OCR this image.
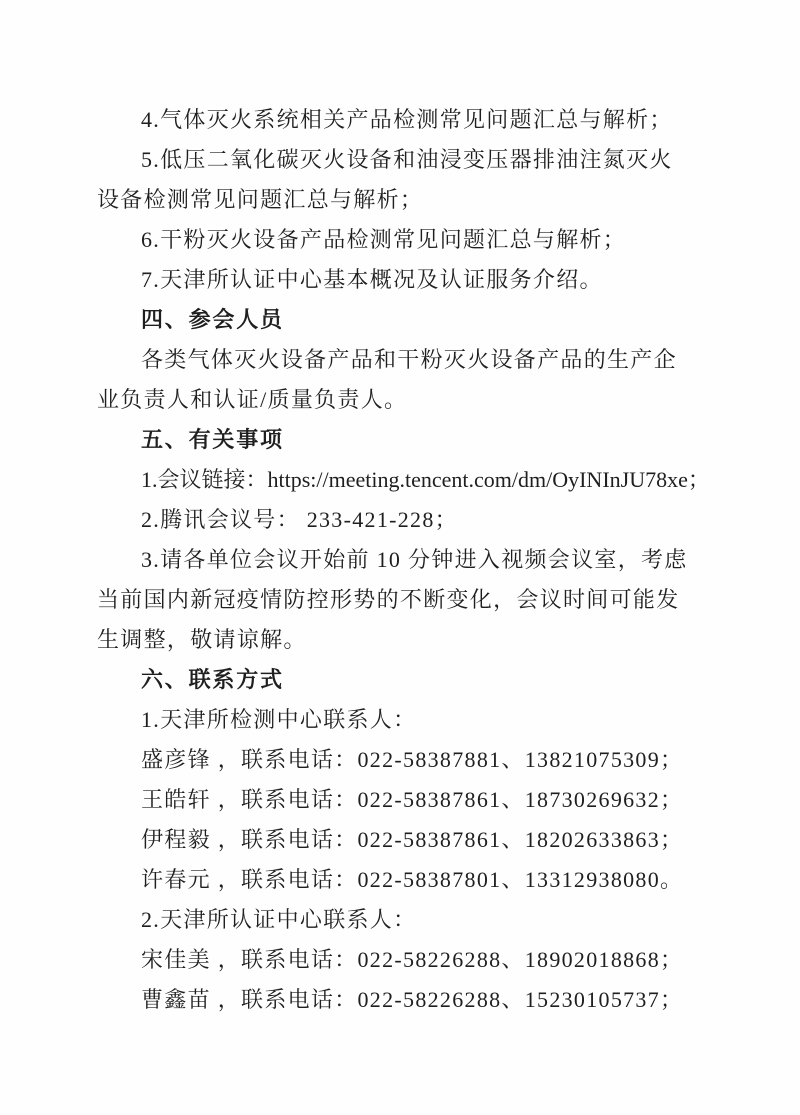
4.气体灭火系统相关产品检测常见问题汇总与解析；
5.低压二氧化碳灭火设备和油浸变压器排油注氮灭火
设备检测常见问题汇总与解析；
6.干粉灭火设备产品检测常见问题汇总与解析；
7.天津所认证中心基本概况及认证服务介绍。
四、参会人员
各类气体灭火设备产品和干粉灭火设备产品的生产企
业负责人和认证/质量负责人。
五、有关事项
1.会议链接：https://meeting.tencent.com/dm/OyINInJU78xe；
2.腾讯会议号： 233-421-228；
3.请各单位会议开始前 10 分钟进入视频会议室，考虑
当前国内新冠疫情防控形势的不断变化，会议时间可能发
生调整，敬请谅解。
六、联系方式
1.天津所检测中心联系人：
盛彦锋 ，联系电话：022-58387881、13821075309；
王皓轩 ，联系电话：022-58387861、18730269632；
伊程毅 ，联系电话：022-58387861、18202633863；
许春元 ，联系电话：022-58387801、13312938080。
2.天津所认证中心联系人：
宋佳美 ，联系电话：022-58226288、18902018868；
曹鑫苗 ，联系电话：022-58226288、15230105737；
